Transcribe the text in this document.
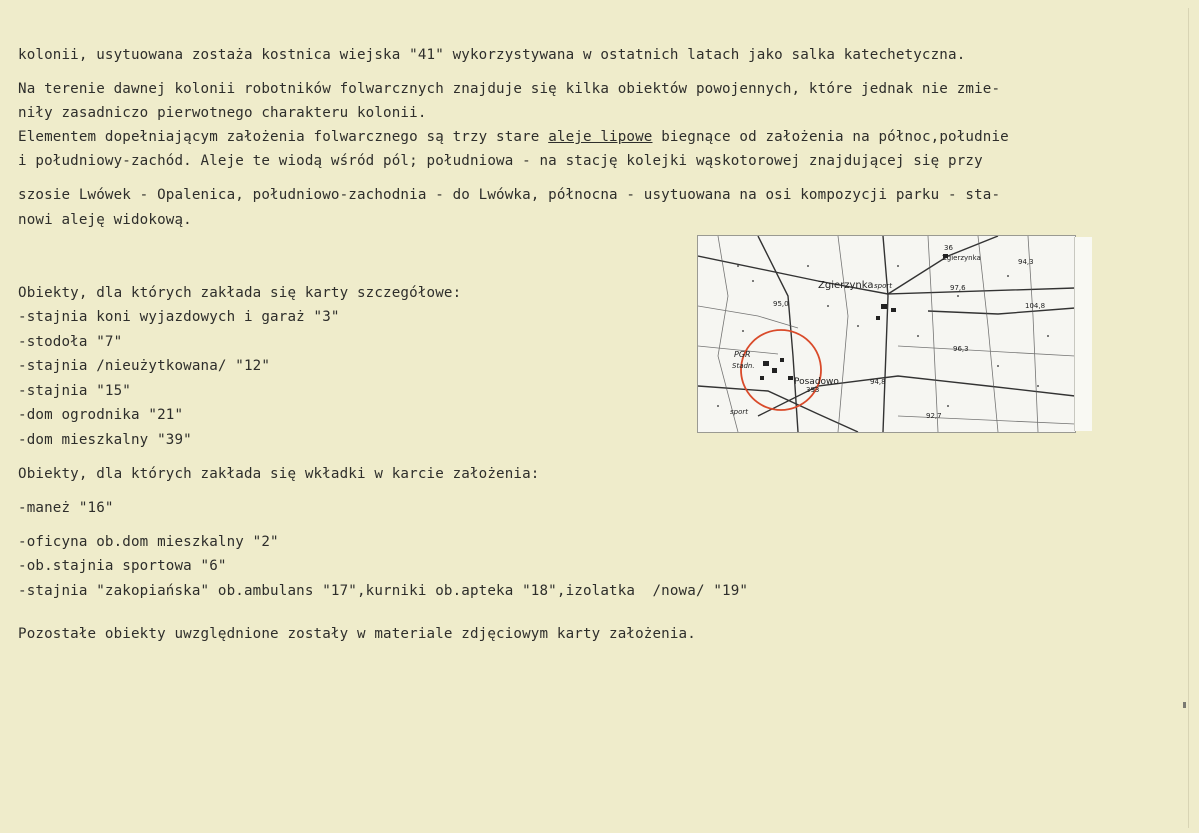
kolonii, usytuowana zostaża kostnica wiejska "41" wykorzystywana w ostatnich latach jako salka katechetyczna.
Na terenie dawnej kolonii robotników folwarcznych znajduje się kilka obiektów powojennych, które jednak nie zmie-
niły zasadniczo pierwotnego charakteru kolonii.
Elementem dopełniającym założenia folwarcznego są trzy stare aleje lipowe biegnące od założenia na północ,południe
i południowy-zachód. Aleje te wiodą wśród pól; południowa - na stację kolejki wąskotorowej znajdującej się przy
szosie Lwówek - Opalenica, południowo-zachodnia - do Lwówka, północna - usytuowana na osi kompozycji parku - sta-
nowi aleję widokową.
Obiekty, dla których zakłada się karty szczegółowe:
-stajnia koni wyjazdowych i garaż "3"
-stodoła "7"
-stajnia /nieużytkowana/ "12"
-stajnia "15"
-dom ogrodnika "21"
-dom mieszkalny "39"
Obiekty, dla których zakłada się wkładki w karcie założenia:
-maneż "16"
-oficyna ob.dom mieszkalny "2"
-ob.stajnia sportowa "6"
-stajnia "zakopiańska" ob.ambulans "17",kurniki ob.apteka "18",izolatka  /nowa/ "19"
Pozostałe obiekty uwzględnione zostały w materiale zdjęciowym karty założenia.
Zgierzynka
Posadowo
PGR
Stadn.
sport
sport
95,0
97,6
96,3
94,8
92,7
104,8
94,3
36
393
Zgierzynka
